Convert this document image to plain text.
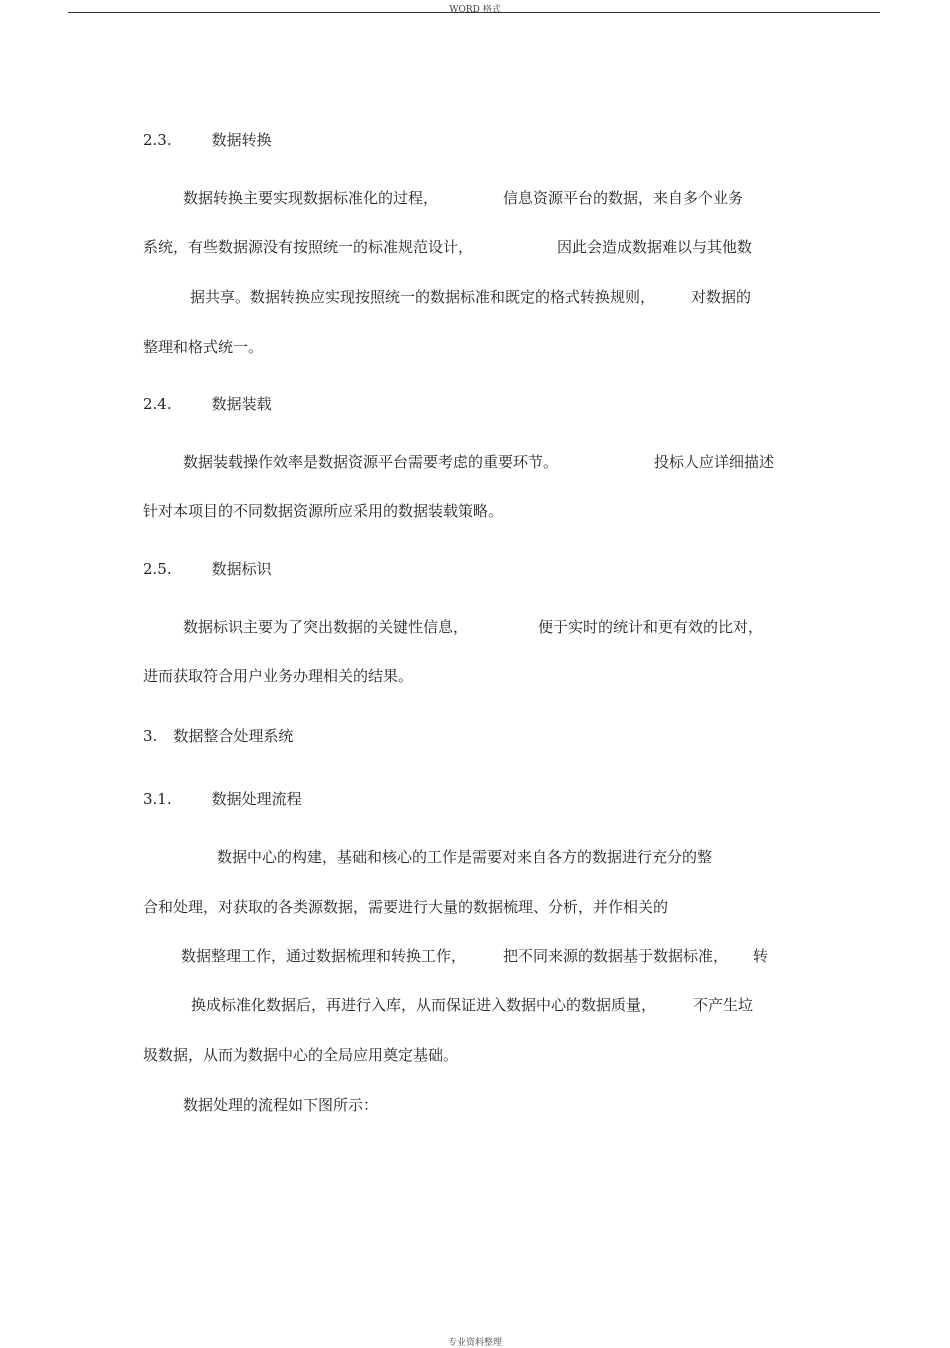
WORD 格式
2.3.	数据转换
数据转换主要实现数据标准化的过程，	信息资源平台的数据，来自多个业务
系统，有些数据源没有按照统一的标准规范设计，	因此会造成数据难以与其他数
据共享。数据转换应实现按照统一的数据标准和既定的格式转换规则， 对数据的
整理和格式统一。
2.4.	数据装载
数据装载操作效率是数据资源平台需要考虑的重要环节。	投标人应详细描述
针对本项目的不同数据资源所应采用的数据装载策略。
2.5.	数据标识
数据标识主要为了突出数据的关键性信息，	便于实时的统计和更有效的比对，
进而获取符合用户业务办理相关的结果。
3. 数据整合处理系统
3.1.	数据处理流程
数据中心的构建，基础和核心的工作是需要对来自各方的数据进行充分的整
合和处理，对获取的各类源数据，需要进行大量的数据梳理、分析，并作相关的
数据整理工作，通过数据梳理和转换工作， 把不同来源的数据基于数据标准， 转
换成标准化数据后，再进行入库，从而保证进入数据中心的数据质量， 不产生垃
圾数据，从而为数据中心的全局应用奠定基础。
数据处理的流程如下图所示：
专业资料整理
